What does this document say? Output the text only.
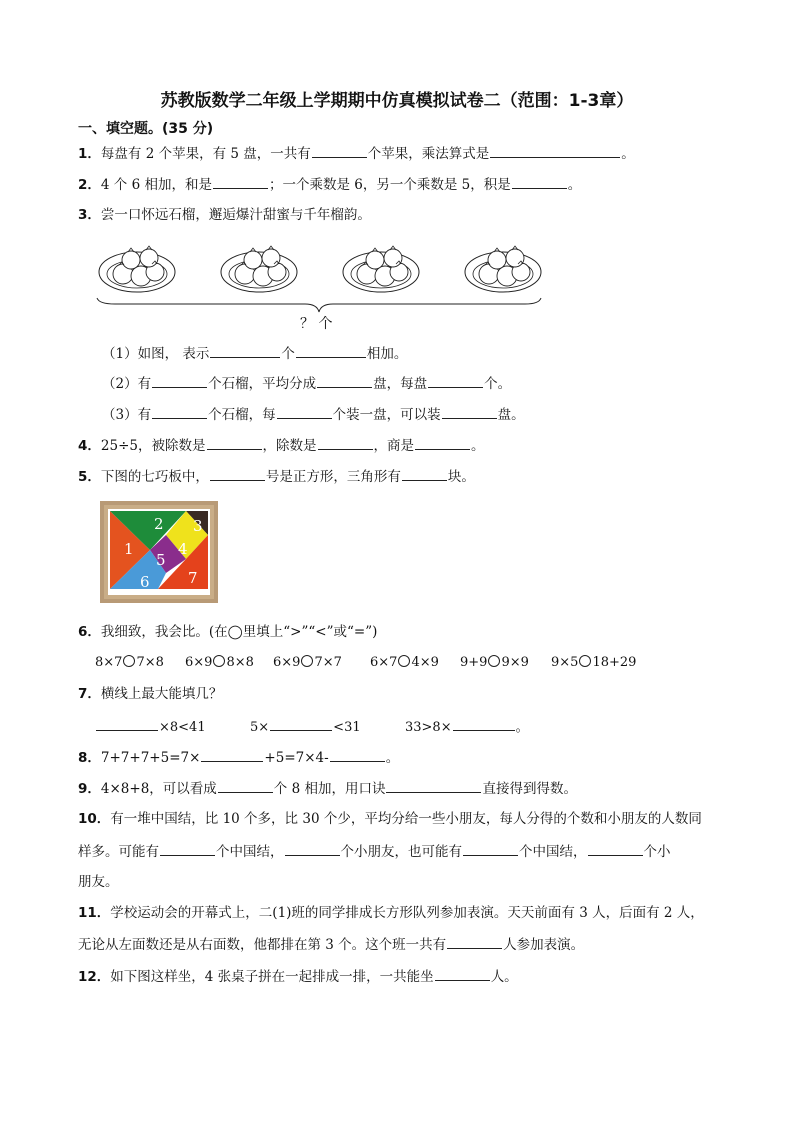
苏教版数学二年级上学期期中仿真模拟试卷二（范围：1-3章）
一、填空题。(35 分)
1．每盘有 2 个苹果，有 5 盘，一共有	个苹果，乘法算式是	。
2．4 个 6 相加，和是	；一个乘数是 6，另一个乘数是 5，积是	。
3．尝一口怀远石榴，邂逅爆汁甜蜜与千年榴韵。
？ 个
（1）如图， 表示	个	相加。
（2）有	个石榴，平均分成	盘，每盘	个。
（3）有	个石榴，每	个装一盘，可以装	盘。
4．25÷5，被除数是	，除数是	，商是	。
5．下图的七巧板中，	号是正方形，三角形有	块。
1
2 3
4
5
6	7
6．我细致，我会比。(在◯里填上“>”“<”或“=”)
8×7 7×8 6×9 8×8 6×9 7×7 6×7 4×9 9+9 9×9 9×5 18+29
7．横线上最大能填几？
×8<41	5×	<31	33>8×	。
8．7+7+7+5=7×	+5=7×4-	。
9．4×8+8，可以看成	个 8 相加，用口诀	直接得到得数。
10．有一堆中国结，比 10 个多，比 30 个少，平均分给一些小朋友，每人分得的个数和小朋友的人数同
样多。可能有	个中国结，	个小朋友，也可能有	个中国结，	个小
朋友。
11．学校运动会的开幕式上，二(1)班的同学排成长方形队列参加表演。天天前面有 3 人，后面有 2 人，
无论从左面数还是从右面数，他都排在第 3 个。这个班一共有	人参加表演。
12．如下图这样坐，4 张桌子拼在一起排成一排，一共能坐	人。
